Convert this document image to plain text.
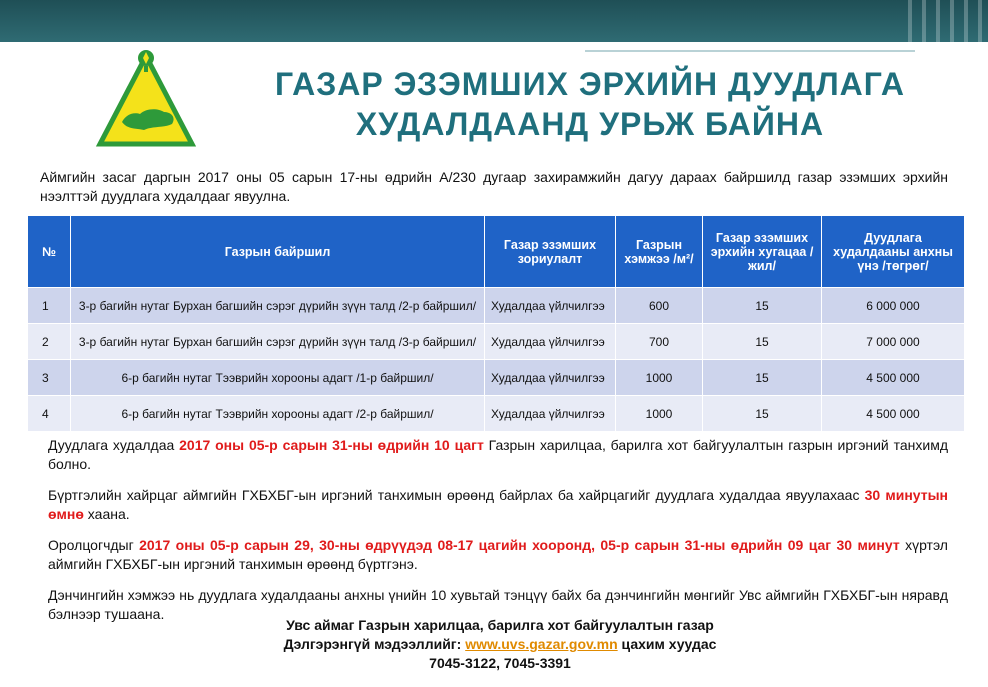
ГАЗАР ЭЗЭМШИХ ЭРХИЙН ДУУДЛАГА
ХУДАЛДААНД УРЬЖ БАЙНА
Аймгийн засаг даргын 2017 оны 05 сарын 17-ны өдрийн А/230 дугаар захирамжийн дагуу дараах байршилд газар эзэмших эрхийн нээлттэй дуудлага худалдааг явуулна.
№	Газрын байршил	Газар эзэмших зориулалт	Газрын хэмжээ /м²/	Газар эзэмших эрхийн хугацаа /жил/	Дуудлага худалдааны анхны үнэ /төгрөг/
1	3-р багийн нутаг Бурхан багшийн сэрэг дүрийн зүүн талд /2-р байршил/	Худалдаа үйлчилгээ	600	15	6 000 000
2	3-р багийн нутаг Бурхан багшийн сэрэг дүрийн зүүн талд /3-р байршил/	Худалдаа үйлчилгээ	700	15	7 000 000
3	6-р багийн нутаг Тээврийн хорооны адагт /1-р байршил/	Худалдаа үйлчилгээ	1000	15	4 500 000
4	6-р багийн нутаг Тээврийн хорооны адагт /2-р байршил/	Худалдаа үйлчилгээ	1000	15	4 500 000

Дуудлага худалдаа 2017 оны 05-р сарын 31-ны өдрийн 10 цагт Газрын харилцаа, барилга хот байгуулалтын газрын иргэний танхимд болно.

Бүртгэлийн хайрцаг аймгийн ГХБХБГ-ын иргэний танхимын өрөөнд байрлах ба хайрцагийг дуудлага худалдаа явуулахаас 30 минутын өмнө хаана.

Оролцогчдыг 2017 оны 05-р сарын 29, 30-ны өдрүүдэд 08-17 цагийн хооронд, 05-р сарын 31-ны өдрийн 09 цаг 30 минут хүртэл аймгийн ГХБХБГ-ын иргэний танхимын өрөөнд бүртгэнэ.

Дэнчингийн хэмжээ нь дуудлага худалдааны анхны үнийн 10 хувьтай тэнцүү байх ба дэнчингийн мөнгийг Увс аймгийн ГХБХБГ-ын няравд бэлнээр тушаана.

Увс аймаг Газрын харилцаа, барилга хот байгуулалтын газар
Дэлгэрэнгүй мэдээллийг: www.uvs.gazar.gov.mn цахим хуудас
7045-3122, 7045-3391
